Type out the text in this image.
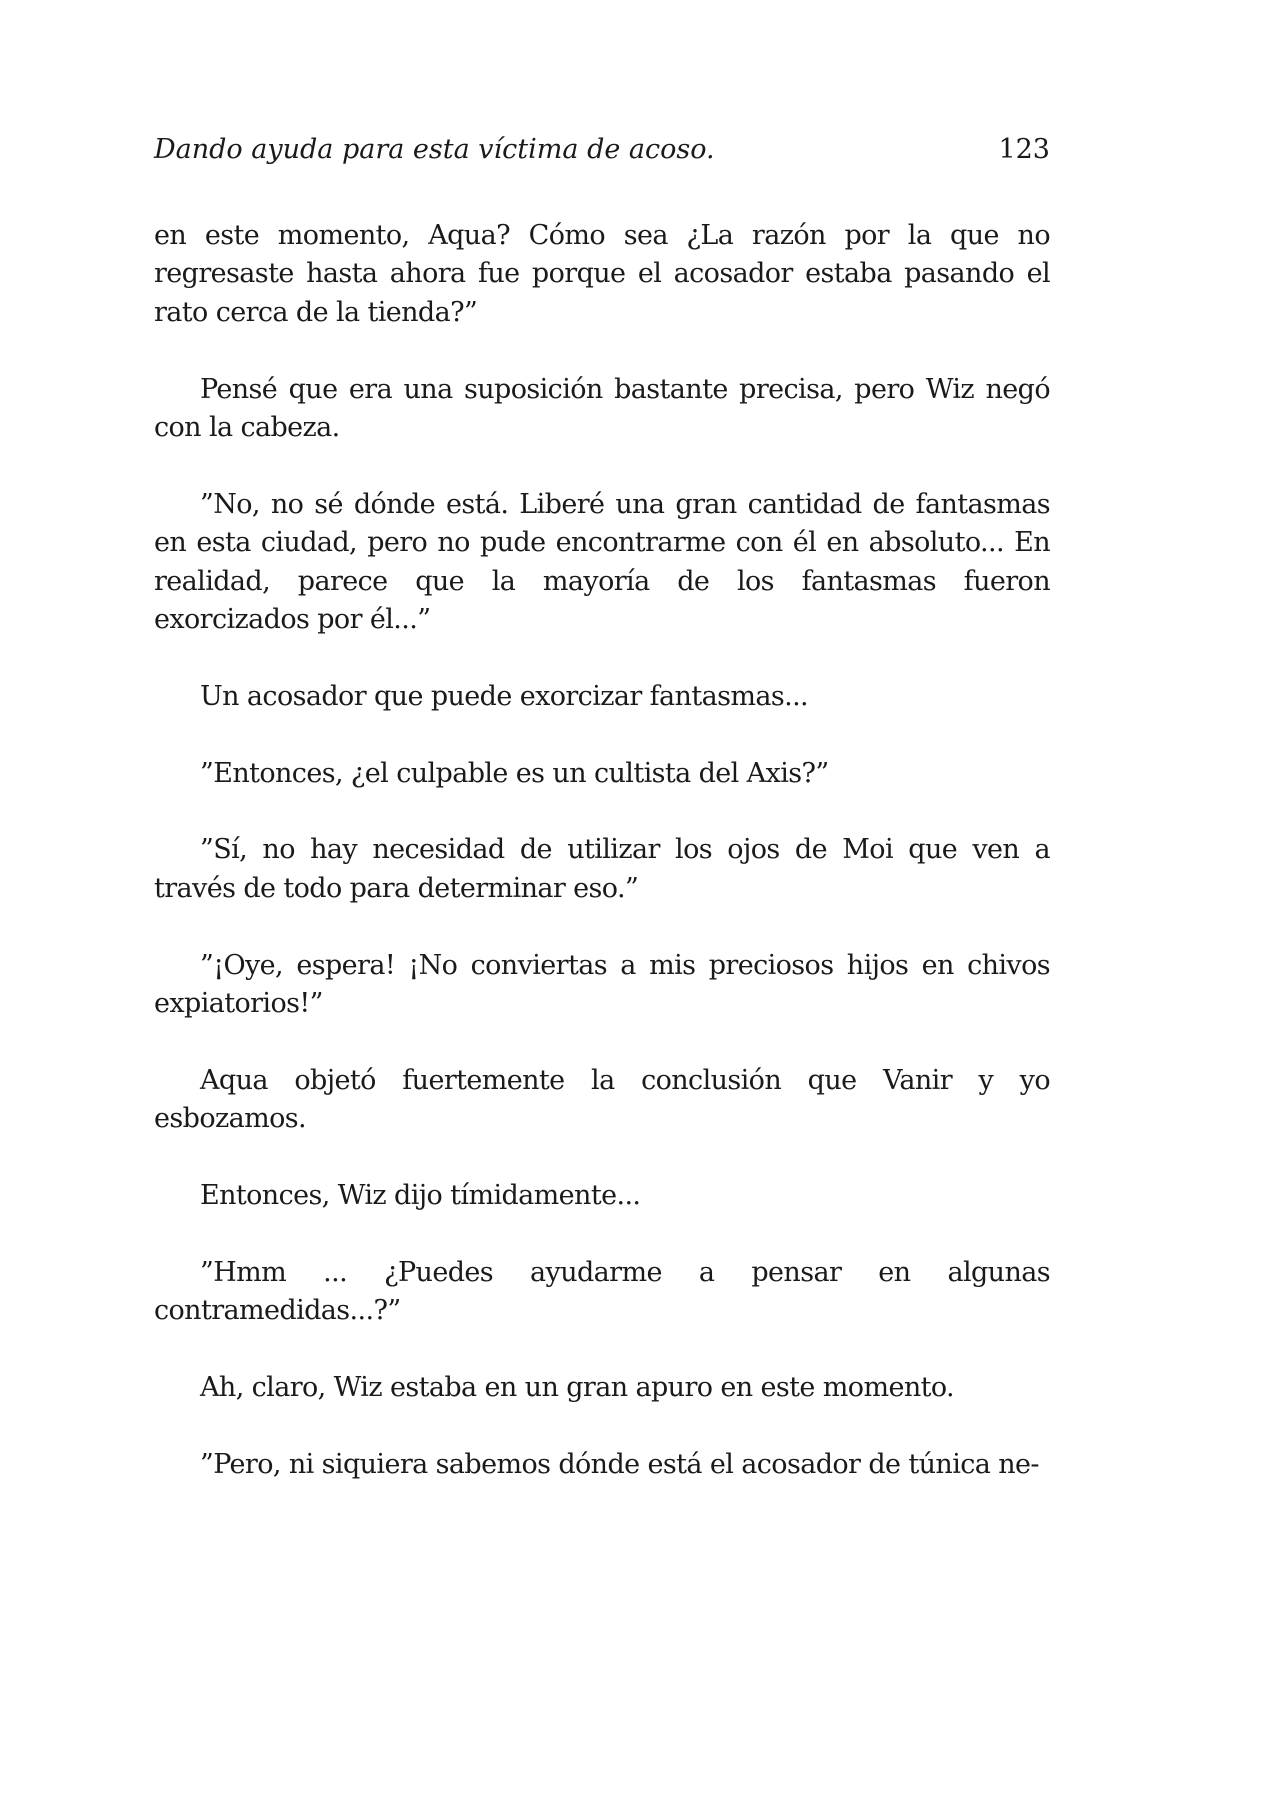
Dando ayuda para esta víctima de acoso.	123

en este momento, Aqua? Cómo sea ¿La razón por la que no regresaste hasta ahora fue porque el acosador estaba pasando el rato cerca de la tienda?”

Pensé que era una suposición bastante precisa, pero Wiz negó con la cabeza.

”No, no sé dónde está. Liberé una gran cantidad de fantasmas en esta ciudad, pero no pude encontrarme con él en absoluto... En realidad, parece que la mayoría de los fantasmas fueron exorcizados por él...”

Un acosador que puede exorcizar fantasmas...

”Entonces, ¿el culpable es un cultista del Axis?”

”Sí, no hay necesidad de utilizar los ojos de Moi que ven a través de todo para determinar eso.”

”¡Oye, espera! ¡No conviertas a mis preciosos hijos en chivos expiatorios!”

Aqua objetó fuertemente la conclusión que Vanir y yo esbozamos.

Entonces, Wiz dijo tímidamente...

”Hmm ... ¿Puedes ayudarme a pensar en algunas contramedidas...?”

Ah, claro, Wiz estaba en un gran apuro en este momento.

”Pero, ni siquiera sabemos dónde está el acosador de túnica ne-
